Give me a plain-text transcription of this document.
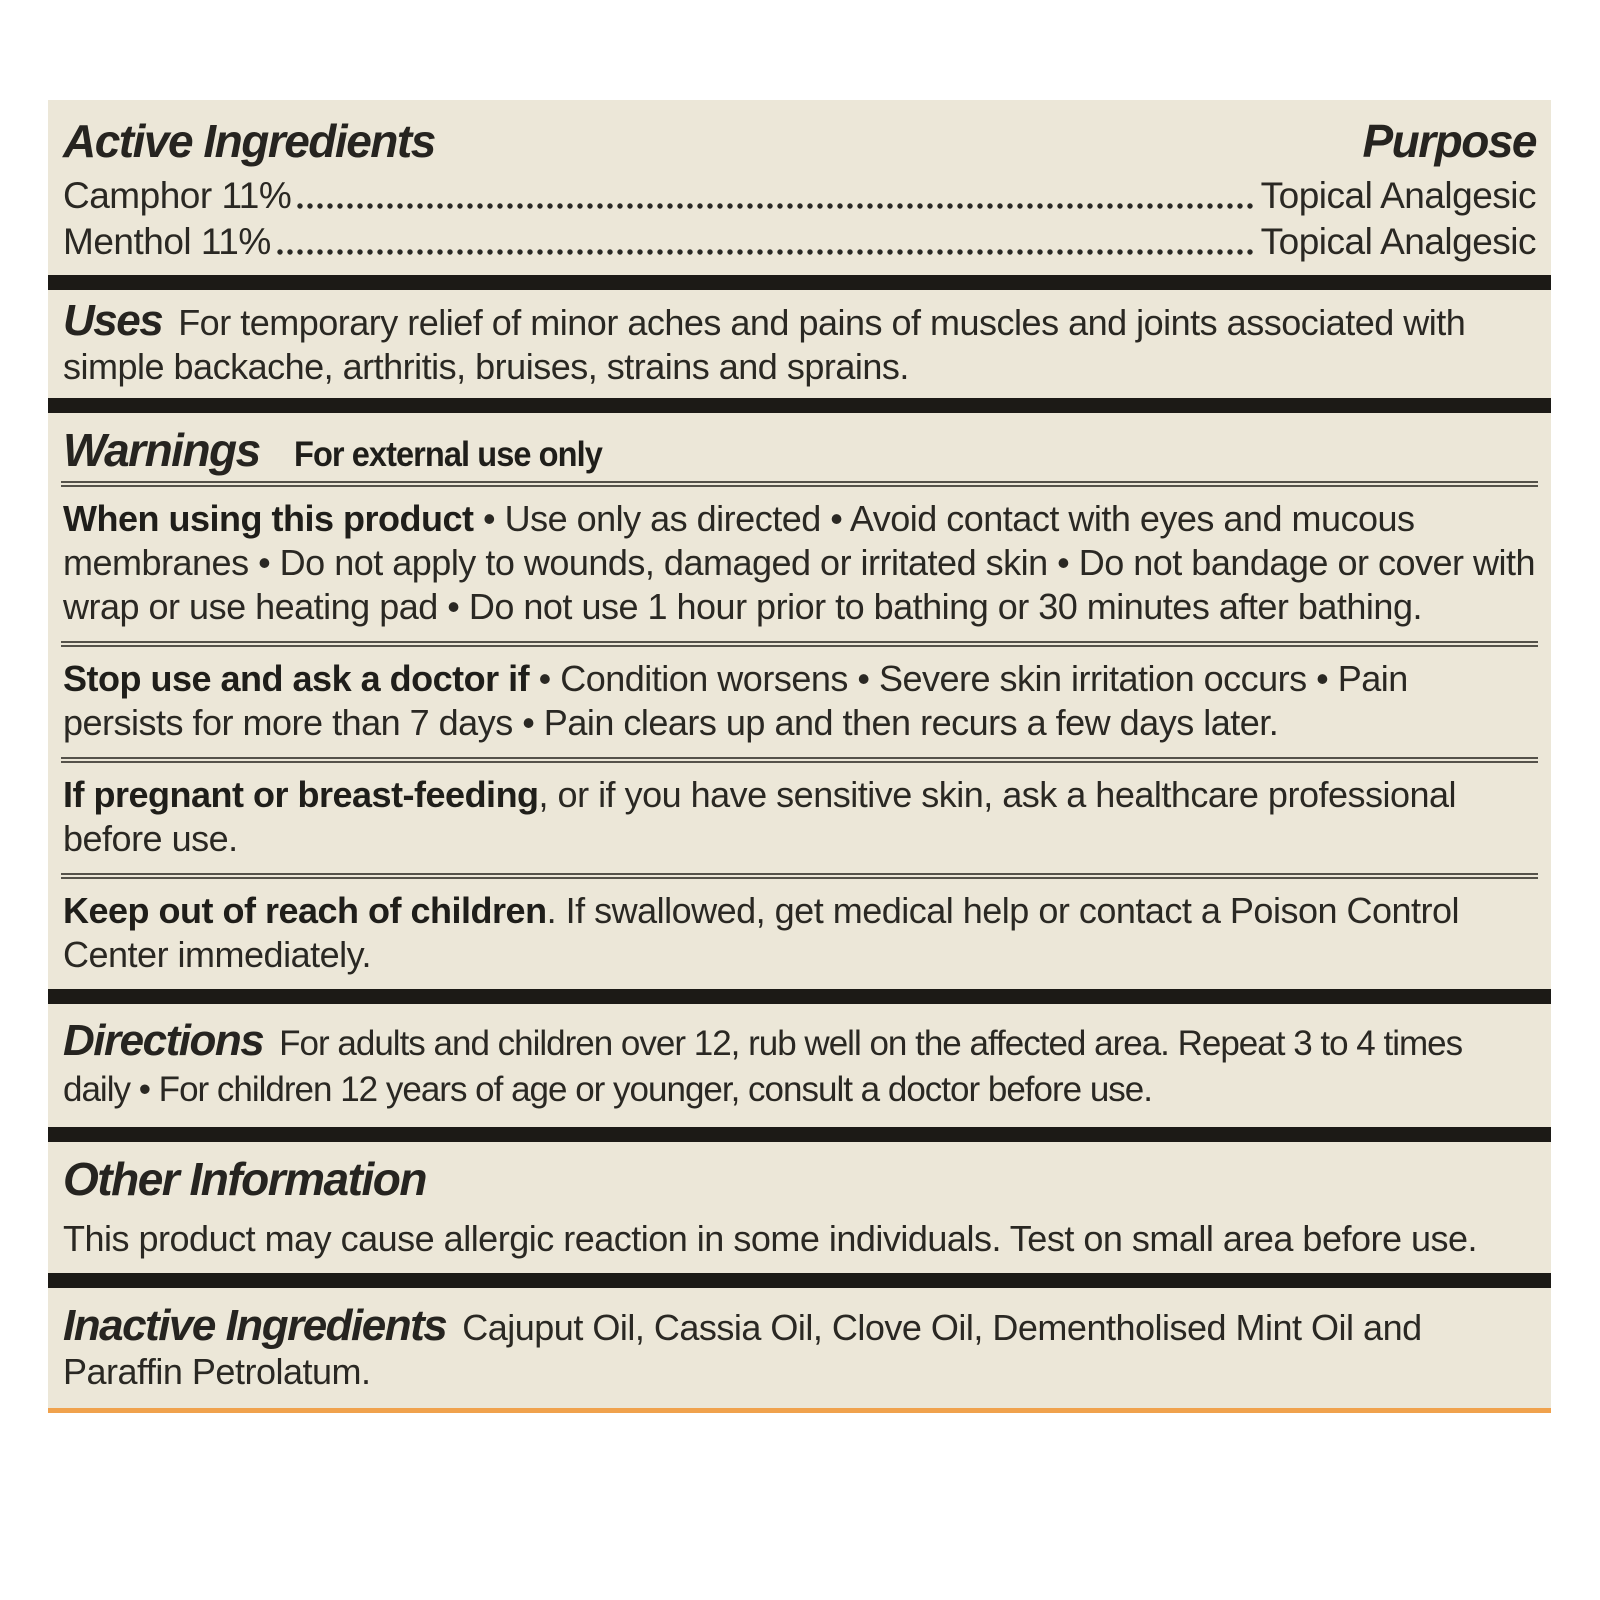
Active Ingredients	Purpose
Camphor 11%	Topical Analgesic
Menthol 11%	Topical Analgesic
Uses For temporary relief of minor aches and pains of muscles and joints associated with simple backache, arthritis, bruises, strains and sprains.
Warnings For external use only
When using this product • Use only as directed • Avoid contact with eyes and mucous membranes • Do not apply to wounds, damaged or irritated skin • Do not bandage or cover with wrap or use heating pad • Do not use 1 hour prior to bathing or 30 minutes after bathing.
Stop use and ask a doctor if • Condition worsens • Severe skin irritation occurs • Pain persists for more than 7 days • Pain clears up and then recurs a few days later.
If pregnant or breast-feeding, or if you have sensitive skin, ask a healthcare professional before use.
Keep out of reach of children. If swallowed, get medical help or contact a Poison Control Center immediately.
Directions For adults and children over 12, rub well on the affected area. Repeat 3 to 4 times daily • For children 12 years of age or younger, consult a doctor before use.
Other Information
This product may cause allergic reaction in some individuals. Test on small area before use.
Inactive Ingredients Cajuput Oil, Cassia Oil, Clove Oil, Dementholised Mint Oil and Paraffin Petrolatum.
